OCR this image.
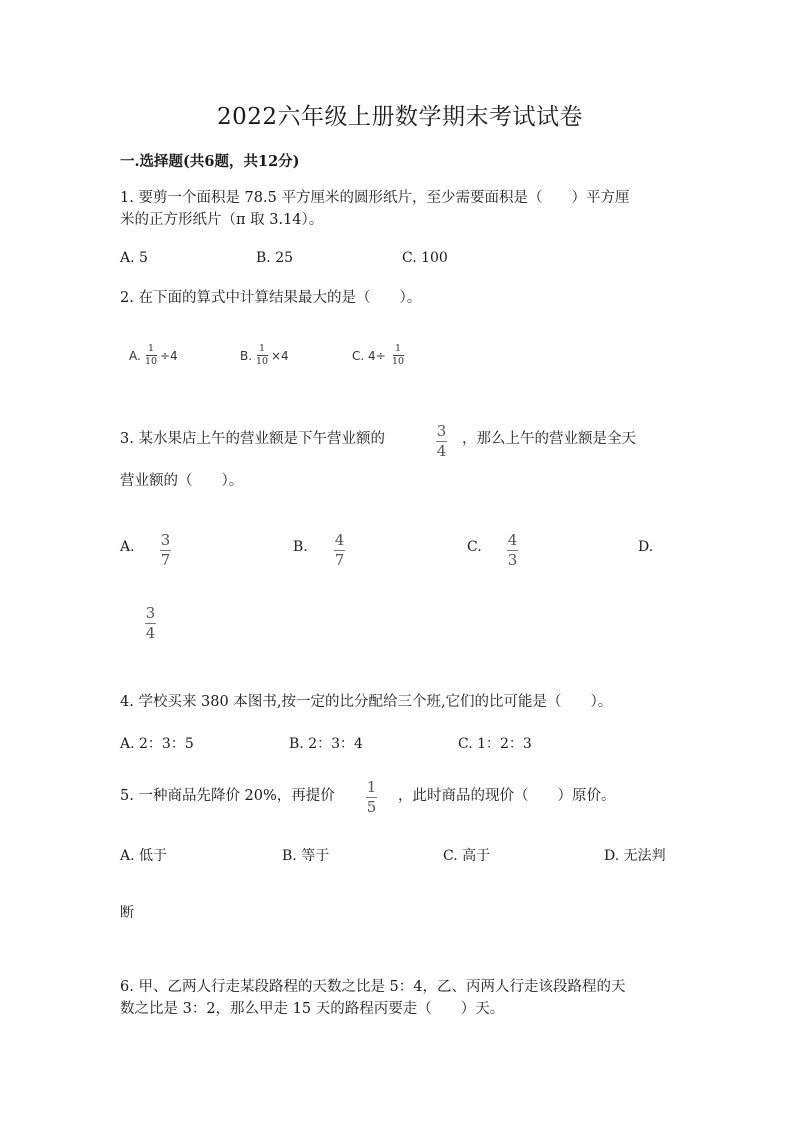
2022六年级上册数学期末考试试卷
一.选择题(共6题，共12分)
1. 要剪一个面积是 78.5 平方厘米的圆形纸片，至少需要面积是（　　）平方厘
米的正方形纸片（π 取 3.14）。
A. 5	B. 25	C. 100
2. 在下面的算式中计算结果最大的是（　　）。
A.
1
10 ÷4	B.
1
10 ×4	C. 4÷
1
10
3. 某水果店上午的营业额是下午营业额的	3
4
，那么上午的营业额是全天
营业额的（　　）。
A. 3
7
B. 4
7
C. 4
3
D.
3
4
4. 学校买来 380 本图书,按一定的比分配给三个班,它们的比可能是（　　）。
A. 2：3：5	B. 2：3：4	C. 1：2：3
5. 一种商品先降价 20%，再提价 1
5
，此时商品的现价（　　）原价。
A. 低于	B. 等于	C. 高于	D. 无法判
断
6. 甲、乙两人行走某段路程的天数之比是 5：4，乙、丙两人行走该段路程的天
数之比是 3：2，那么甲走 15 天的路程丙要走（　　）天。
